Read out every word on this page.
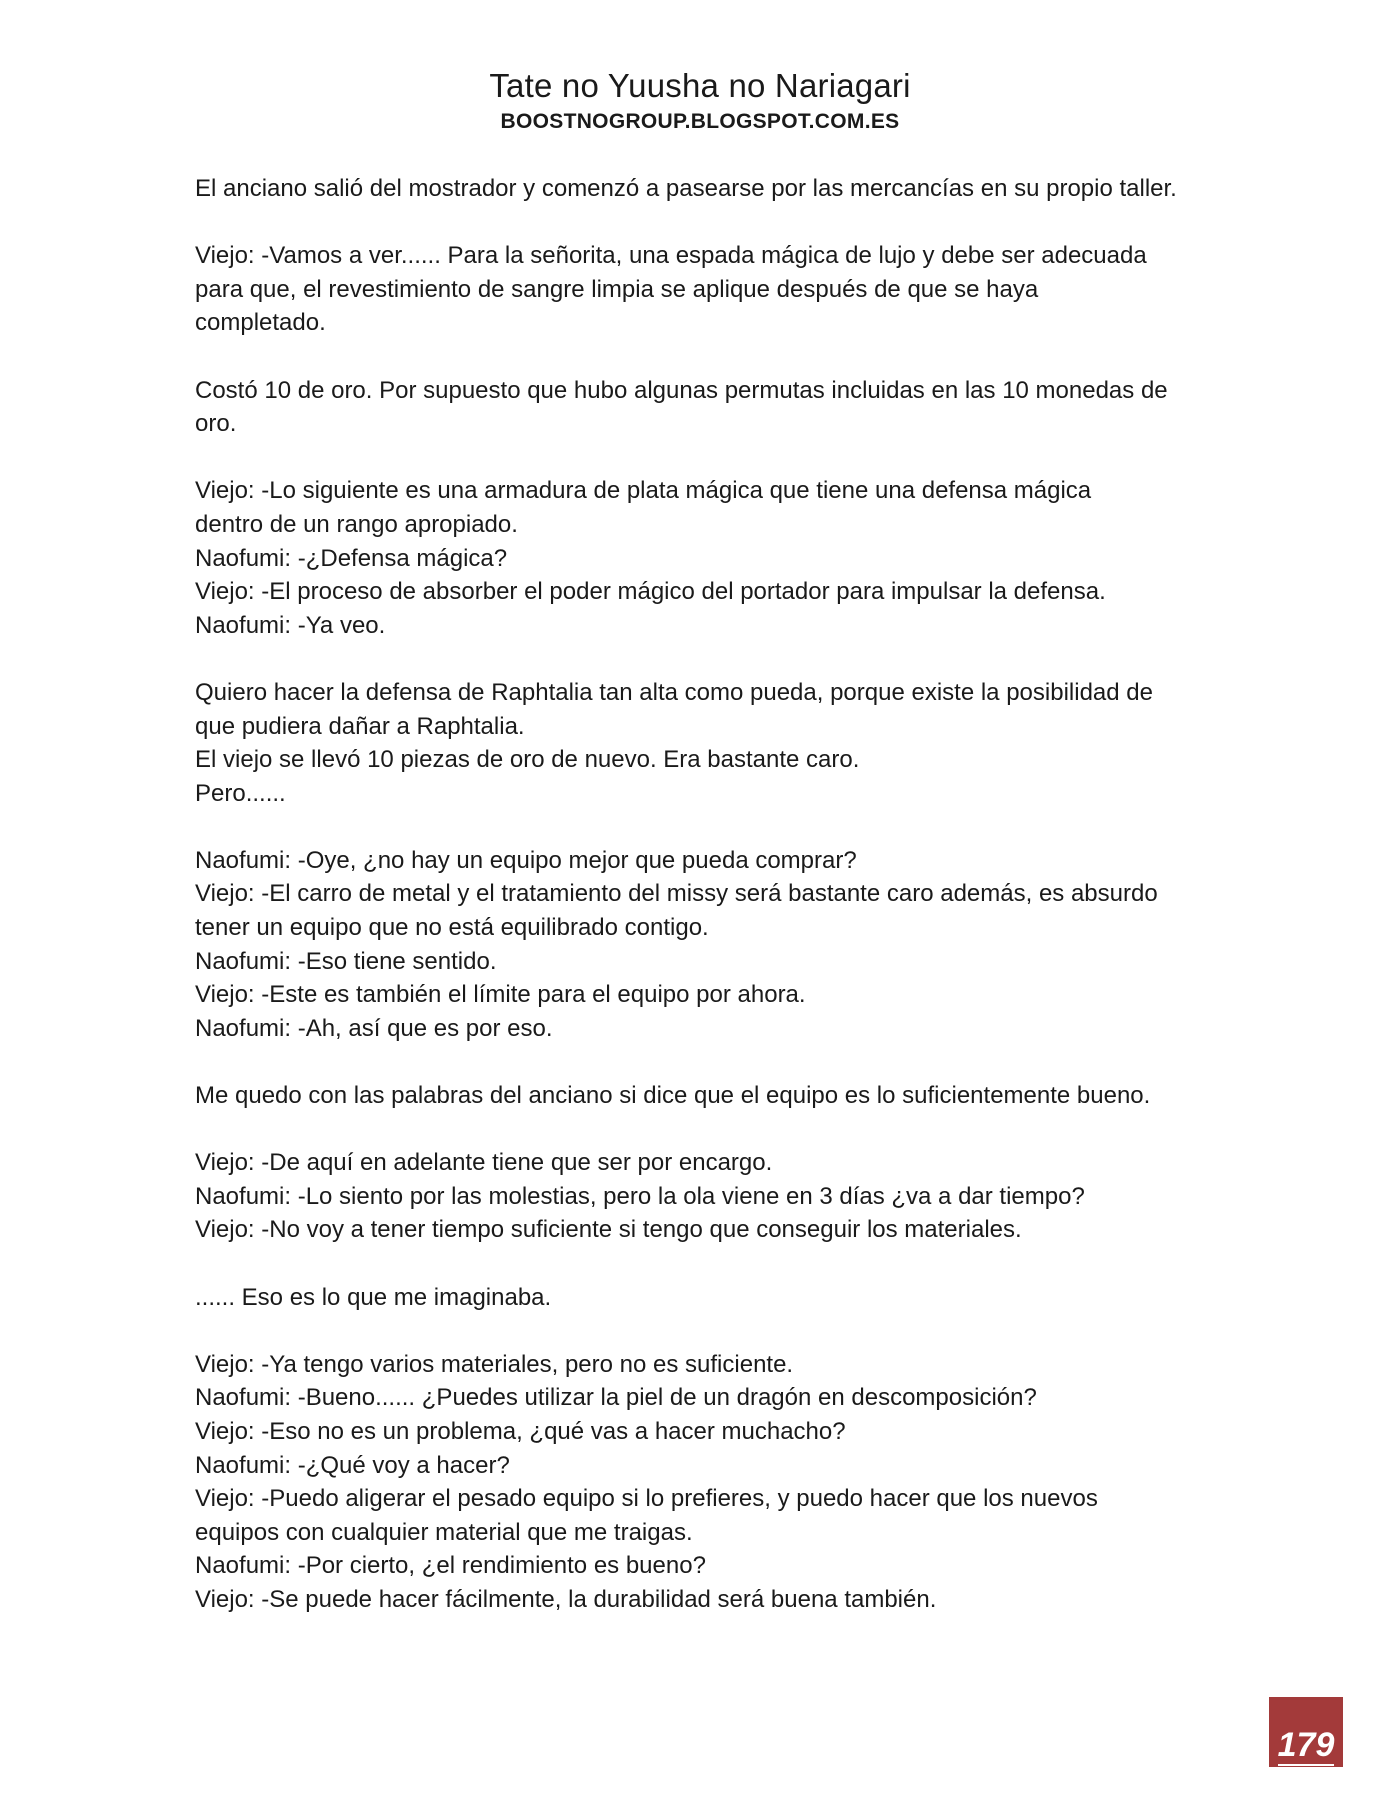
Tate no Yuusha no Nariagari
BOOSTNOGROUP.BLOGSPOT.COM.ES
El anciano salió del mostrador y comenzó a pasearse por las mercancías en su propio taller.
Viejo: -Vamos a ver...... Para la señorita, una espada mágica de lujo y debe ser adecuada
para que, el revestimiento de sangre limpia se aplique después de que se haya
completado.
Costó 10 de oro. Por supuesto que hubo algunas permutas incluidas en las 10 monedas de
oro.
Viejo: -Lo siguiente es una armadura de plata mágica que tiene una defensa mágica
dentro de un rango apropiado.
Naofumi: -¿Defensa mágica?
Viejo: -El proceso de absorber el poder mágico del portador para impulsar la defensa.
Naofumi: -Ya veo.
Quiero hacer la defensa de Raphtalia tan alta como pueda, porque existe la posibilidad de
que pudiera dañar a Raphtalia.
El viejo se llevó 10 piezas de oro de nuevo. Era bastante caro.
Pero......
Naofumi: -Oye, ¿no hay un equipo mejor que pueda comprar?
Viejo: -El carro de metal y el tratamiento del missy será bastante caro además, es absurdo
tener un equipo que no está equilibrado contigo.
Naofumi: -Eso tiene sentido.
Viejo: -Este es también el límite para el equipo por ahora.
Naofumi: -Ah, así que es por eso.
Me quedo con las palabras del anciano si dice que el equipo es lo suficientemente bueno.
Viejo: -De aquí en adelante tiene que ser por encargo.
Naofumi: -Lo siento por las molestias, pero la ola viene en 3 días ¿va a dar tiempo?
Viejo: -No voy a tener tiempo suficiente si tengo que conseguir los materiales.
...... Eso es lo que me imaginaba.
Viejo: -Ya tengo varios materiales, pero no es suficiente.
Naofumi: -Bueno...... ¿Puedes utilizar la piel de un dragón en descomposición?
Viejo: -Eso no es un problema, ¿qué vas a hacer muchacho?
Naofumi: -¿Qué voy a hacer?
Viejo: -Puedo aligerar el pesado equipo si lo prefieres, y puedo hacer que los nuevos
equipos con cualquier material que me traigas.
Naofumi: -Por cierto, ¿el rendimiento es bueno?
Viejo: -Se puede hacer fácilmente, la durabilidad será buena también.
179
